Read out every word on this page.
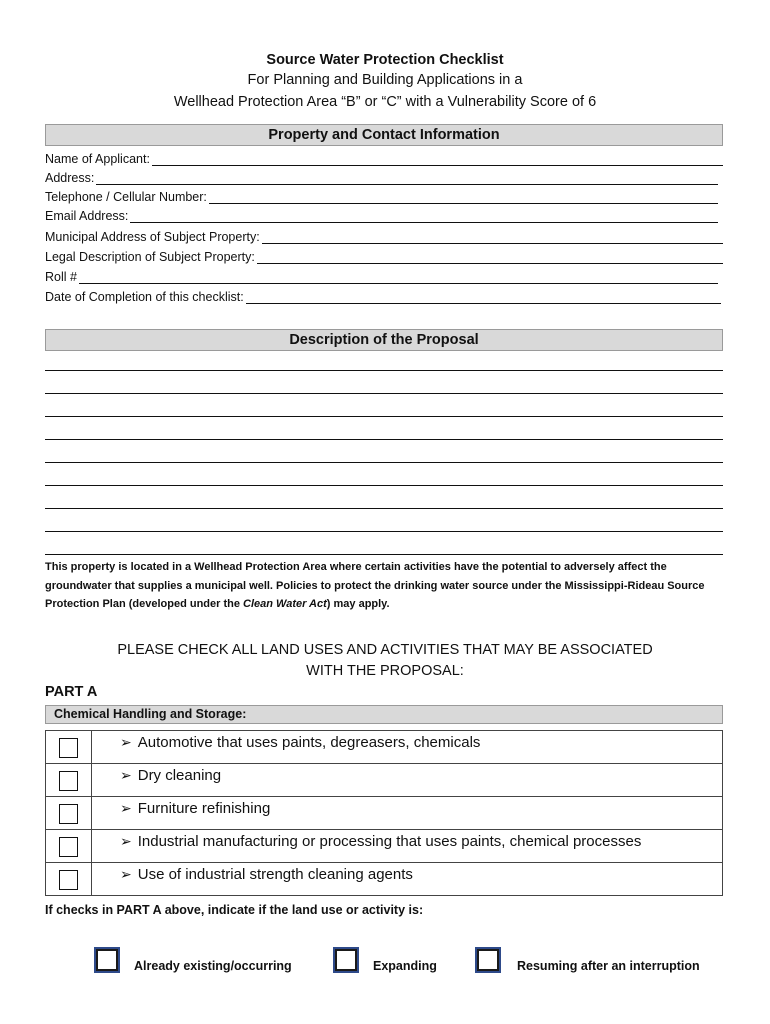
Source Water Protection Checklist
For Planning and Building Applications in a
Wellhead Protection Area “B” or “C” with a Vulnerability Score of 6
Property and Contact Information
Name of Applicant:
Address:
Telephone / Cellular Number:
Email Address:
Municipal Address of Subject Property:
Legal Description of Subject Property:
Roll #
Date of Completion of this checklist:
Description of the Proposal
This property is located in a Wellhead Protection Area where certain activities have the potential to adversely affect the groundwater that supplies a municipal well. Policies to protect the drinking water source under the Mississippi-Rideau Source Protection Plan (developed under the Clean Water Act) may apply.
PLEASE CHECK ALL LAND USES AND ACTIVITIES THAT MAY BE ASSOCIATED
WITH THE PROPOSAL:
PART A
Chemical Handling and Storage:
	➢ Automotive that uses paints, degreasers, chemicals
	➢ Dry cleaning
	➢ Furniture refinishing
	➢ Industrial manufacturing or processing that uses paints, chemical processes
	➢ Use of industrial strength cleaning agents
If checks in PART A above, indicate if the land use or activity is:
Already existing/occurring	Expanding	Resuming after an interruption
